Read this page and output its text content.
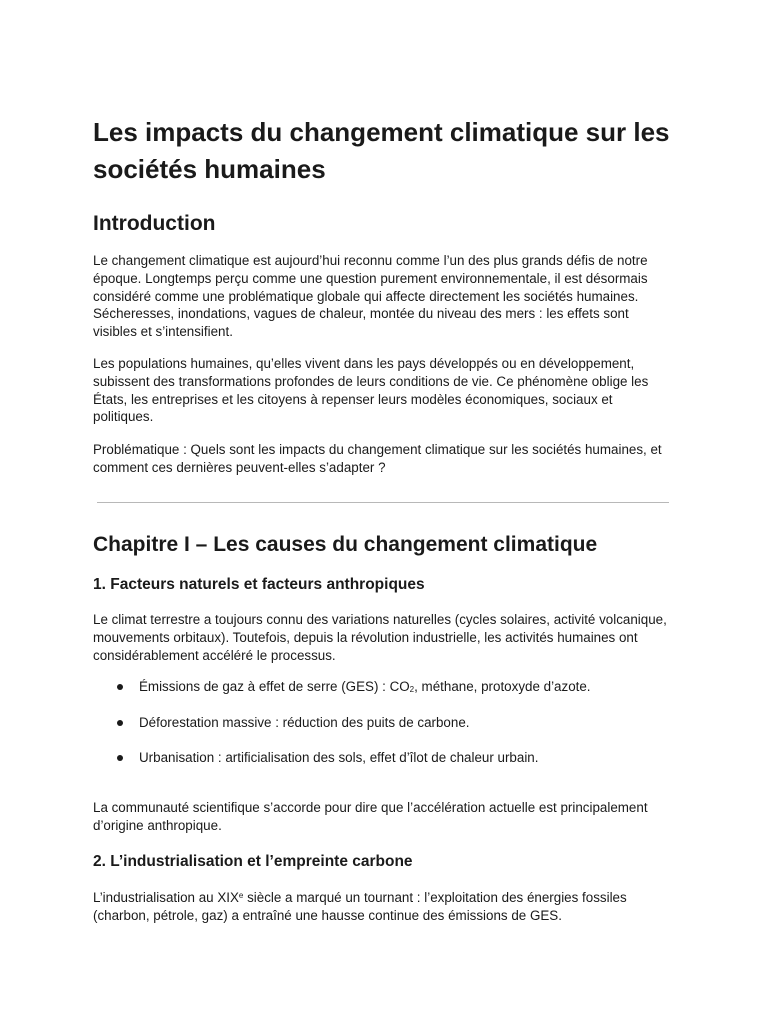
Les impacts du changement climatique sur les sociétés humaines
Introduction

Le changement climatique est aujourd’hui reconnu comme l’un des plus grands défis de notre époque. Longtemps perçu comme une question purement environnementale, il est désormais considéré comme une problématique globale qui affecte directement les sociétés humaines. Sécheresses, inondations, vagues de chaleur, montée du niveau des mers : les effets sont visibles et s’intensifient.

Les populations humaines, qu’elles vivent dans les pays développés ou en développement, subissent des transformations profondes de leurs conditions de vie. Ce phénomène oblige les États, les entreprises et les citoyens à repenser leurs modèles économiques, sociaux et politiques.

Problématique : Quels sont les impacts du changement climatique sur les sociétés humaines, et comment ces dernières peuvent-elles s’adapter ?

Chapitre I – Les causes du changement climatique
1. Facteurs naturels et facteurs anthropiques

Le climat terrestre a toujours connu des variations naturelles (cycles solaires, activité volcanique, mouvements orbitaux). Toutefois, depuis la révolution industrielle, les activités humaines ont considérablement accéléré le processus.

Émissions de gaz à effet de serre (GES) : $CO_2$, méthane, protoxyde d’azote.
Déforestation massive : réduction des puits de carbone.
Urbanisation : artificialisation des sols, effet d’îlot de chaleur urbain.

La communauté scientifique s’accorde pour dire que l’accélération actuelle est principalement d’origine anthropique.

2. L’industrialisation et l’empreinte carbone

L’industrialisation au XIXe siècle a marqué un tournant : l’exploitation des énergies fossiles (charbon, pétrole, gaz) a entraîné une hausse continue des émissions de GES.
